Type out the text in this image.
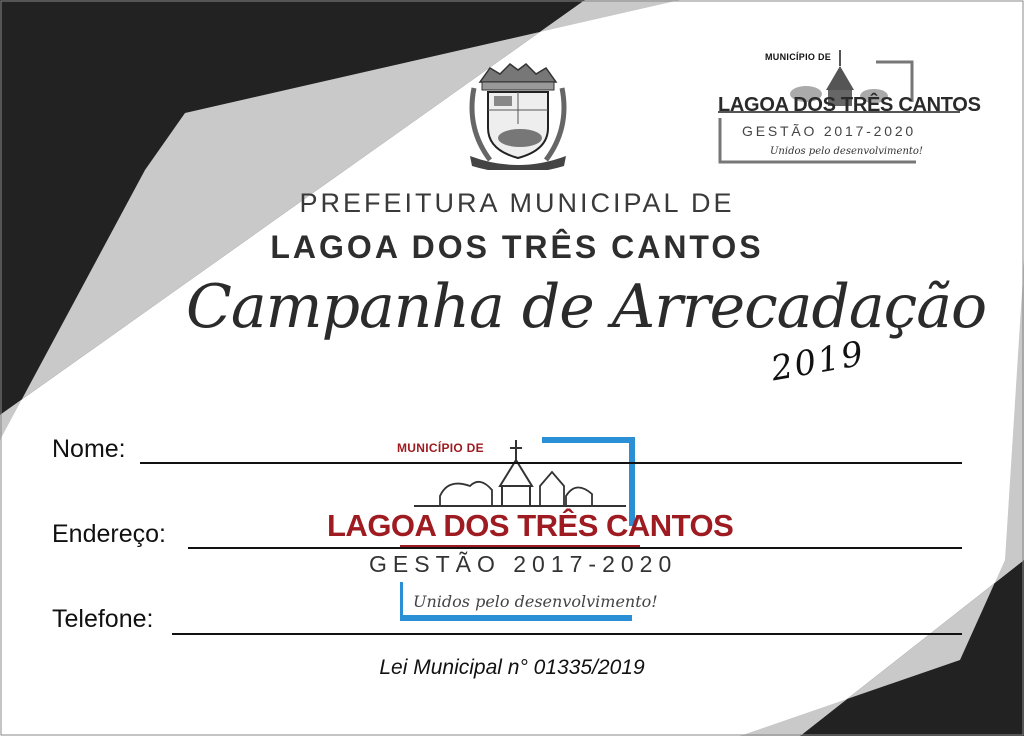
MUNICÍPIO DE
LAGOA DOS TRÊS CANTOS
GESTÃO 2017-2020
Unidos pelo desenvolvimento!
PREFEITURA MUNICIPAL DE
LAGOA DOS TRÊS CANTOS
Campanha de Arrecadação
2019
MUNICÍPIO DE
LAGOA DOS TRÊS CANTOS
GESTÃO 2017-2020
Unidos pelo desenvolvimento!
Nome:
Endereço:
Telefone:
Lei Municipal n° 01335/2019
